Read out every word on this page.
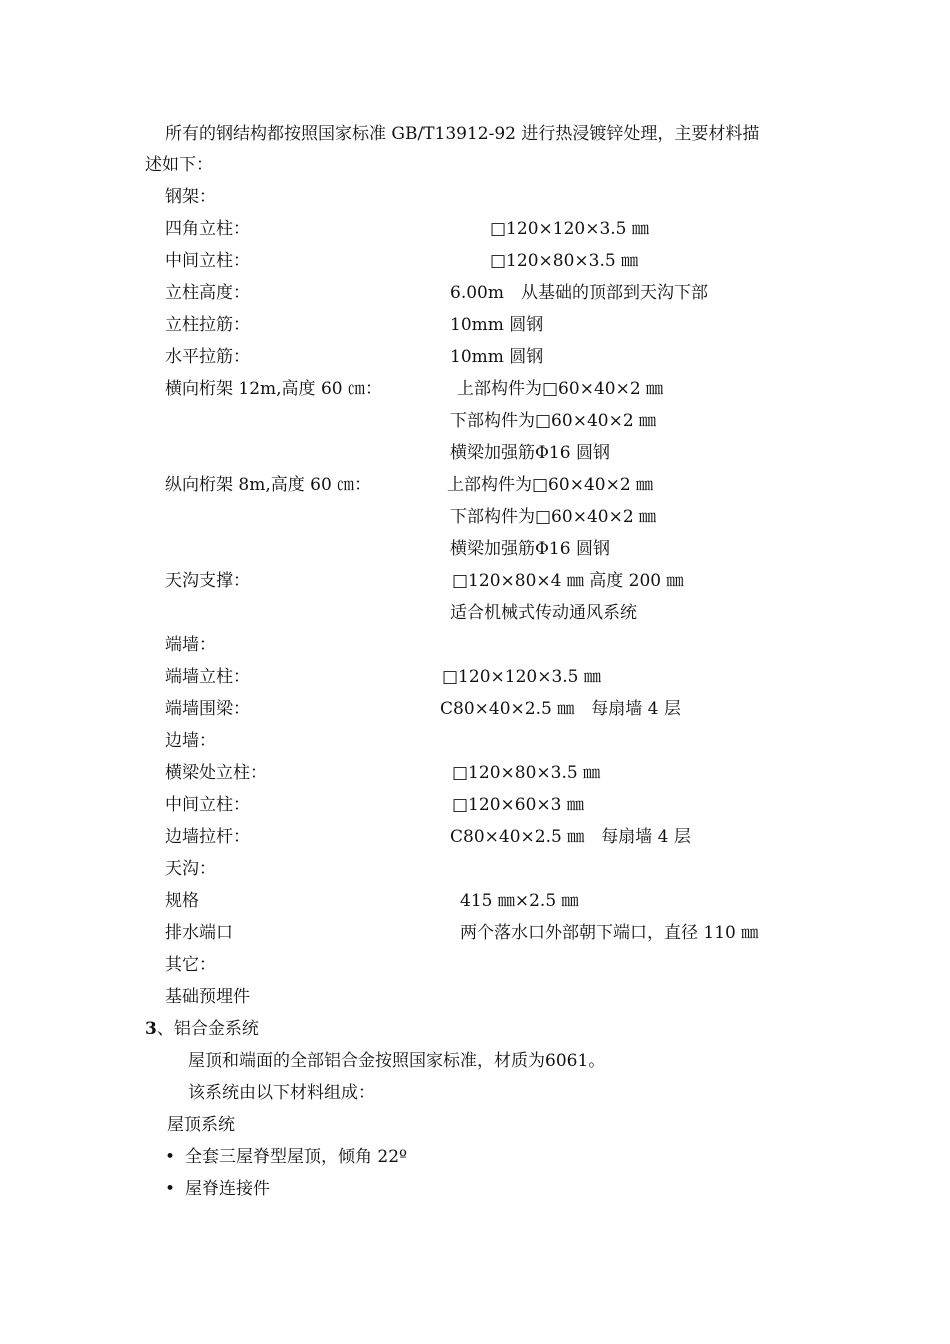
所有的钢结构都按照国家标准 GB/T13912-92 进行热浸镀锌处理，主要材料描
述如下：
钢架：
四角立柱：	□120×120×3.5 ㎜
中间立柱：	□120×80×3.5 ㎜
立柱高度：	6.00m　从基础的顶部到天沟下部
立柱拉筋：	10mm 圆钢
水平拉筋：	10mm 圆钢
横向桁架 12m,高度 60 ㎝：	上部构件为□60×40×2 ㎜
下部构件为□60×40×2 ㎜
横梁加强筋Φ16 圆钢
纵向桁架 8m,高度 60 ㎝：	上部构件为□60×40×2 ㎜
下部构件为□60×40×2 ㎜
横梁加强筋Φ16 圆钢
天沟支撑：	□120×80×4 ㎜ 高度 200 ㎜
适合机械式传动通风系统
端墙：
端墙立柱：	□120×120×3.5 ㎜
端墙围梁：	C80×40×2.5 ㎜　每扇墙 4 层
边墙：
横梁处立柱：	□120×80×3.5 ㎜
中间立柱：	□120×60×3 ㎜
边墙拉杆：	C80×40×2.5 ㎜　每扇墙 4 层
天沟：
规格	415 ㎜×2.5 ㎜
排水端口	两个落水口外部朝下端口，直径 110 ㎜
其它：
基础预埋件
3、铝合金系统
屋顶和端面的全部铝合金按照国家标准，材质为6061。
该系统由以下材料组成：
屋顶系统
• 全套三屋脊型屋顶，倾角 22º
• 屋脊连接件
